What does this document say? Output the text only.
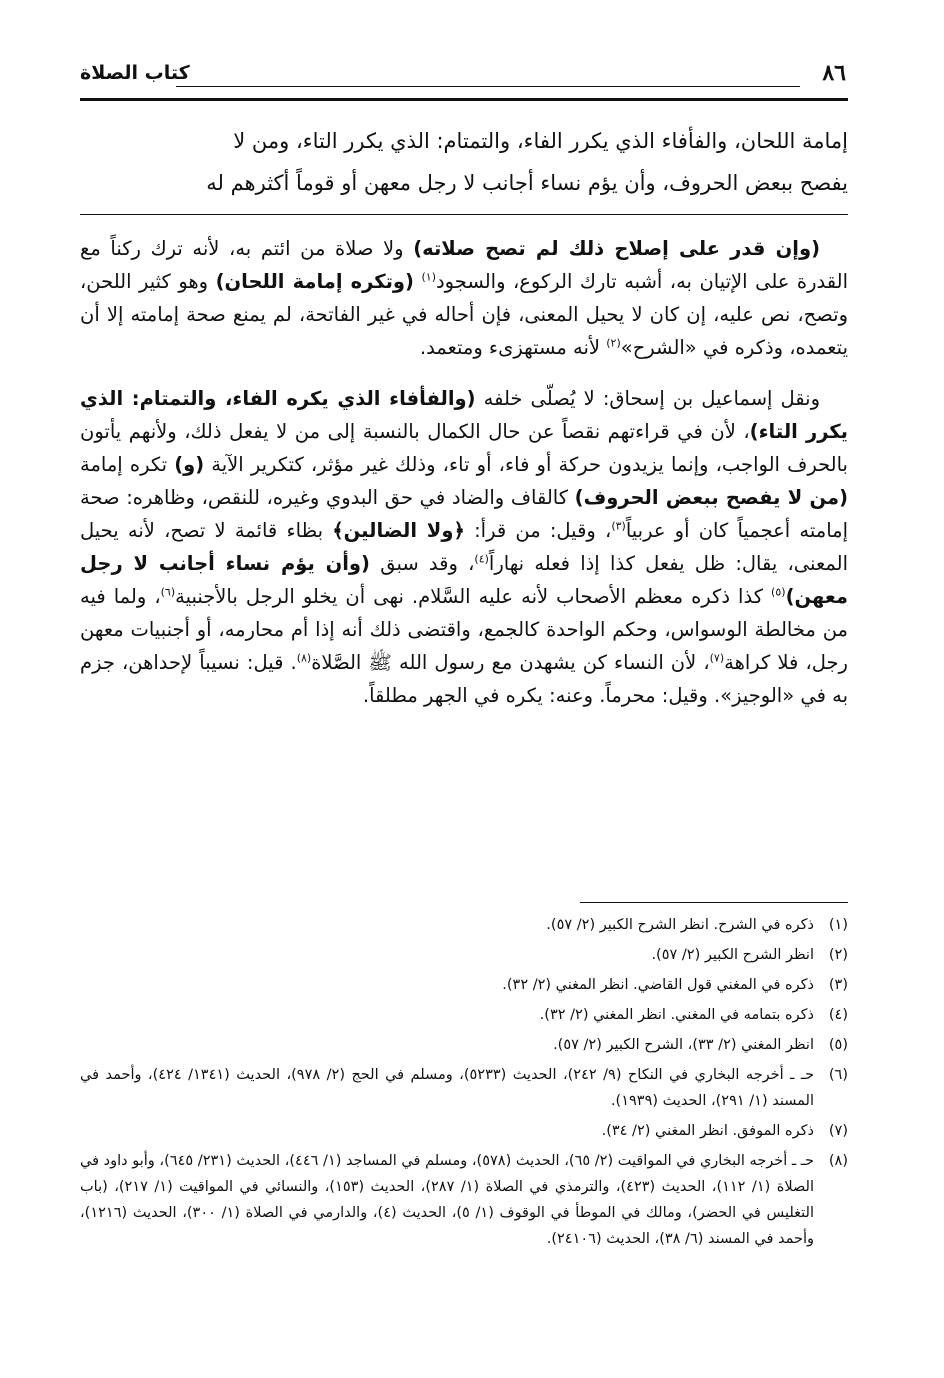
٨٦
كتاب الصلاة

إمامة اللحان، والفأفاء الذي يكرر الفاء، والتمتام: الذي يكرر التاء، ومن لا

يفصح ببعض الحروف، وأن يؤم نساء أجانب لا رجل معهن أو قوماً أكثرهم له

(وإن قدر على إصلاح ذلك لم تصح صلاته) ولا صلاة من ائتم به، لأنه ترك ركناً مع القدرة على الإتيان به، أشبه تارك الركوع، والسجود$^{(١)}$ (وتكره إمامة اللحان) وهو كثير اللحن، وتصح، نص عليه، إن كان لا يحيل المعنى، فإن أحاله في غير الفاتحة، لم يمنع صحة إمامته إلا أن يتعمده، وذكره في «الشرح»$^{(٢)}$ لأنه مستهزىء ومتعمد.

ونقل إسماعيل بن إسحاق: لا يُصلّى خلفه (والفأفاء الذي يكره الفاء، والتمتام: الذي يكرر التاء)، لأن في قراءتهم نقصاً عن حال الكمال بالنسبة إلى من لا يفعل ذلك، ولأنهم يأتون بالحرف الواجب، وإنما يزيدون حركة أو فاء، أو تاء، وذلك غير مؤثر، كتكرير الآية (و) تكره إمامة (من لا يفصح ببعض الحروف) كالقاف والضاد في حق البدوي وغيره، للنقص، وظاهره: صحة إمامته أعجمياً كان أو عربياً$^{(٣)}$، وقيل: من قرأ: ﴿ولا الضالين﴾ بظاء قائمة لا تصح، لأنه يحيل المعنى، يقال: ظل يفعل كذا إذا فعله نهاراً$^{(٤)}$، وقد سبق (وأن يؤم نساء أجانب لا رجل معهن)$^{(٥)}$ كذا ذكره معظم الأصحاب لأنه عليه السَّلام. نهى أن يخلو الرجل بالأجنبية$^{(٦)}$، ولما فيه من مخالطة الوسواس، وحكم الواحدة كالجمع، واقتضى ذلك أنه إذا أم محارمه، أو أجنبيات معهن رجل، فلا كراهة$^{(٧)}$، لأن النساء كن يشهدن مع رسول الله ﷺ الصَّلاة$^{(٨)}$. قيل: نسيباً لإحداهن، جزم به في «الوجيز». وقيل: محرماً. وعنه: يكره في الجهر مطلقاً.

(١)
ذكره في الشرح. انظر الشرح الكبير (٢/ ٥٧).
(٢)
انظر الشرح الكبير (٢/ ٥٧).
(٣)
ذكره في المغني قول القاضي. انظر المغني (٢/ ٣٢).
(٤)
ذكره بتمامه في المغني. انظر المغني (٢/ ٣٢).
(٥)
انظر المغني (٢/ ٣٣)، الشرح الكبير (٢/ ٥٧).
(٦)
حـ ـ أخرجه البخاري في النكاح (٩/ ٢٤٢)، الحديث (٥٢٣٣)، ومسلم في الحج (٢/ ٩٧٨)، الحديث (١٣٤١/ ٤٢٤)، وأحمد في المسند (١/ ٢٩١)، الحديث (١٩٣٩).
(٧)
ذكره الموفق. انظر المغني (٢/ ٣٤).
(٨)
حـ ـ أخرجه البخاري في المواقيت (٢/ ٦٥)، الحديث (٥٧٨)، ومسلم في المساجد (١/ ٤٤٦)، الحديث (٢٣١/ ٦٤٥)، وأبو داود في الصلاة (١/ ١١٢)، الحديث (٤٢٣)، والترمذي في الصلاة (١/ ٢٨٧)، الحديث (١٥٣)، والنسائي في المواقيت (١/ ٢١٧)، (باب التغليس في الحضر)، ومالك في الموطأ في الوقوف (١/ ٥)، الحديث (٤)، والدارمي في الصلاة (١/ ٣٠٠)، الحديث (١٢١٦)، وأحمد في المسند (٦/ ٣٨)، الحديث (٢٤١٠٦).
